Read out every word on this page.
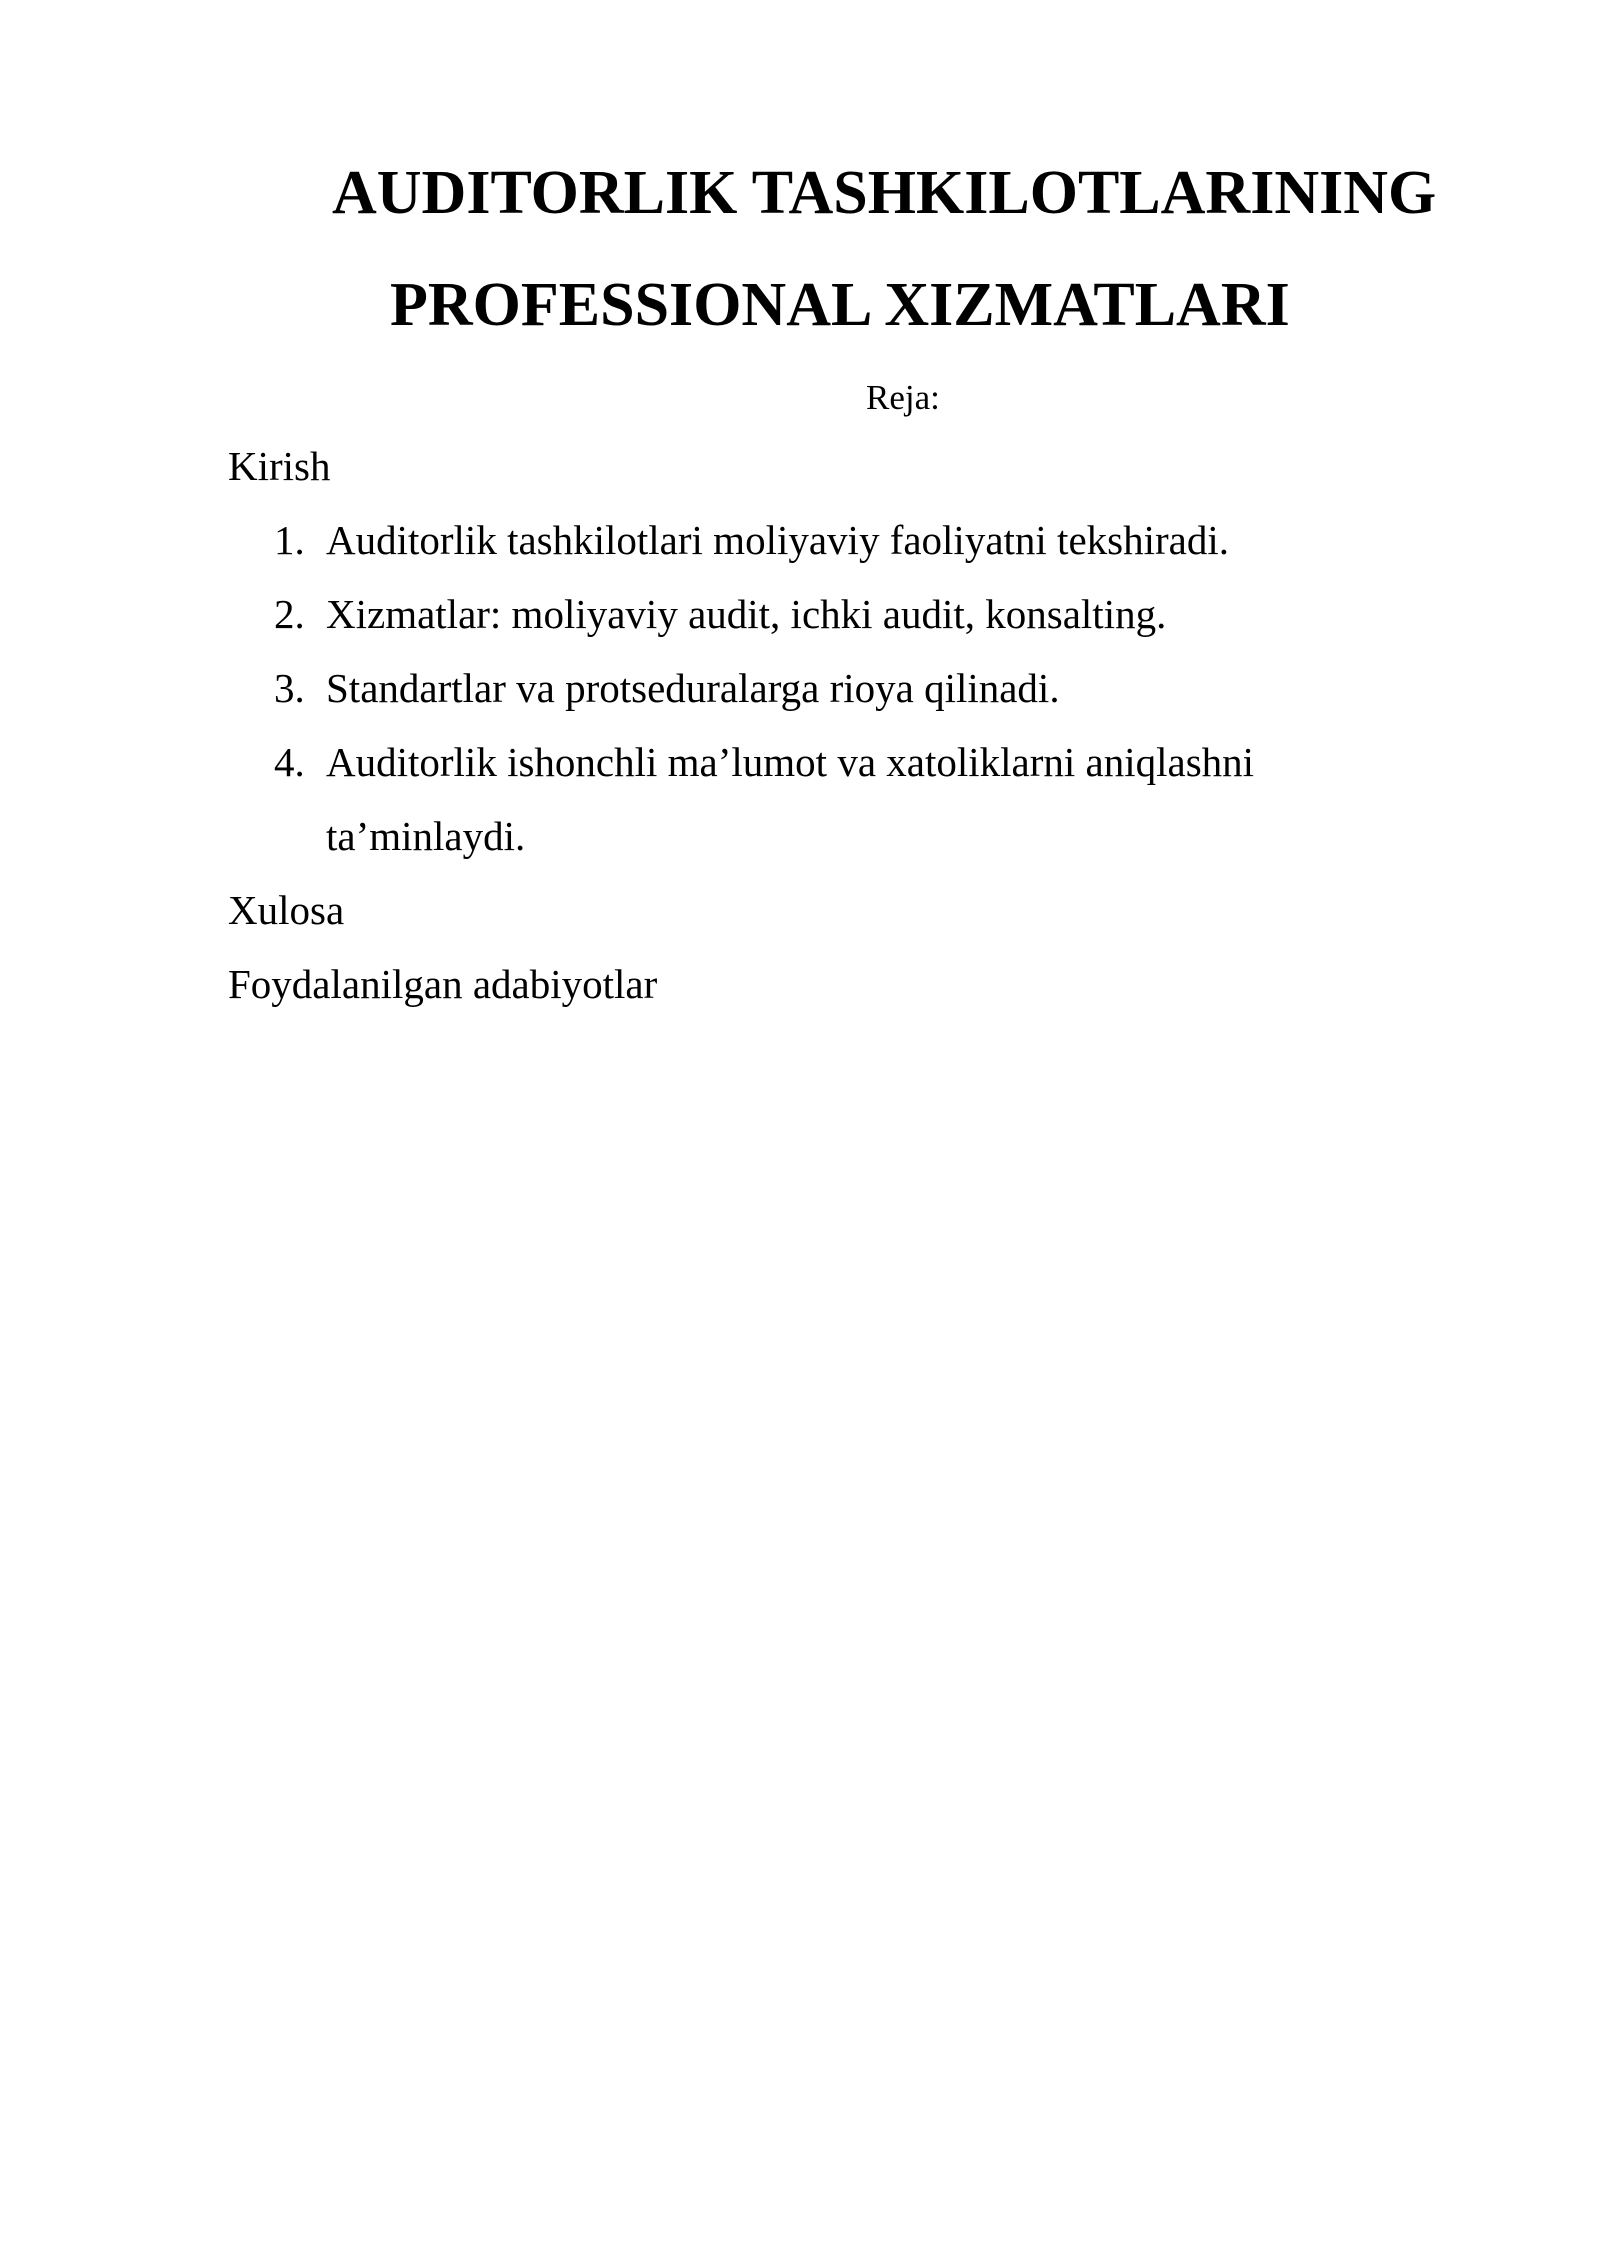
AUDITORLIK TASHKILOTLARINING
PROFESSIONAL XIZMATLARI
Reja:
Kirish
1. Auditorlik tashkilotlari moliyaviy faoliyatni tekshiradi.
2. Xizmatlar: moliyaviy audit, ichki audit, konsalting.
3. Standartlar va protseduralarga rioya qilinadi.
4. Auditorlik ishonchli ma’lumot va xatoliklarni aniqlashni
ta’minlaydi.
Xulosa
Foydalanilgan adabiyotlar
